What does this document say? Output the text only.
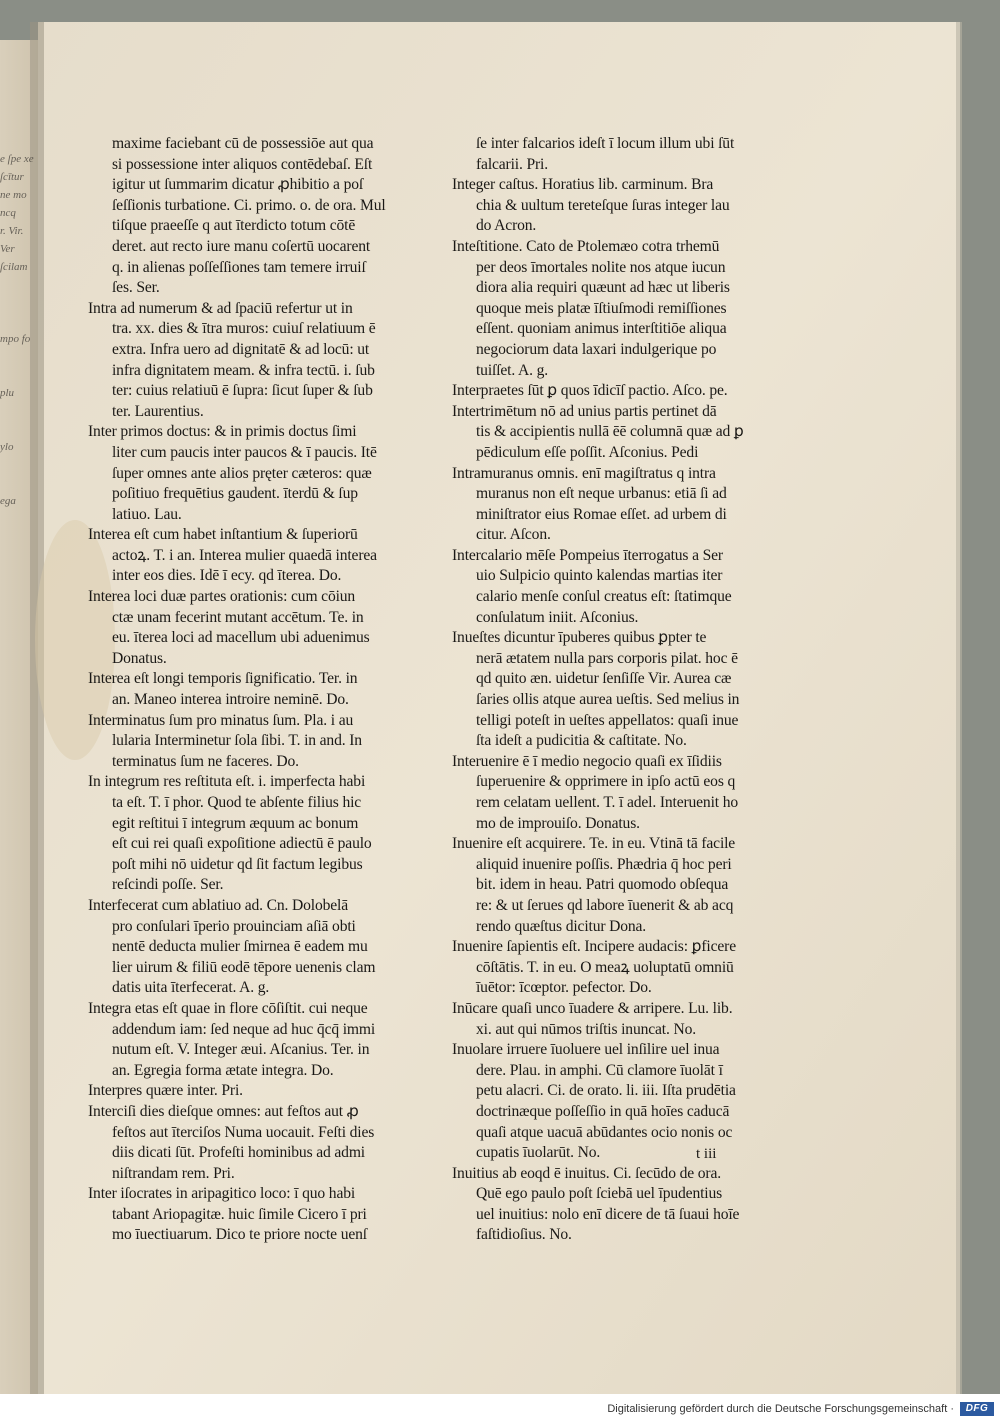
e ſpe xe
ſcītur
ne mo
ncq
r. Vir.
Ver
ſcilam
mpo fo
plu
ylo
ega
maxime faciebant cū de possessiōe aut qua
si possessione inter aliquos contēdebaſ. Eſt
igitur ut ſummarim dicatur ꝓhibitio a poſ
ſeſſionis turbatione. Ci. primo. o. de ora. Mul
tiſque praeeſſe q aut īterdicto totum cōtē
deret. aut recto iure manu coſertū uocarent
q. in alienas poſſeſſiones tam temere irruiſ
ſes. Ser.
Intra ad numerum & ad ſpaciū refertur ut in
tra. xx. dies & ītra muros: cuiuſ relatiuum ē
extra. Infra uero ad dignitatē & ad locū: ut
infra dignitatem meam. & infra tectū. i. ſub
ter: cuius relatiuū ē ſupra: ſicut ſuper & ſub
ter. Laurentius.
Inter primos doctus: & in primis doctus ſimi
liter cum paucis inter paucos & ī paucis. Itē
ſuper omnes ante alios pręter cæteros: quæ
poſitiuo frequētius gaudent. īterdū & ſup
latiuo. Lau.
Interea eſt cum habet inſtantium & ſuperiorū
actoꝝ. T. i an. Interea mulier quaedā interea
inter eos dies. Idē ī ecy. qd īterea. Do.
Interea loci duæ partes orationis: cum cōiun
ctæ unam fecerint mutant accētum. Te. in
eu. īterea loci ad macellum ubi aduenimus
Donatus.
Interea eſt longi temporis ſignificatio. Ter. in
an. Maneo interea introire neminē. Do.
Interminatus ſum pro minatus ſum. Pla. i au
lularia Interminetur ſola ſibi. T. in and. In
terminatus ſum ne faceres. Do.
In integrum res reſtituta eſt. i. imperfecta habi
ta eſt. T. ī phor. Quod te abſente filius hic
egit reſtitui ī integrum æquum ac bonum
eſt cui rei quaſi expoſitione adiectū ē paulo
poſt mihi nō uidetur qd ſit factum legibus
reſcindi poſſe. Ser.
Interfecerat cum ablatiuo ad. Cn. Dolobelā
pro conſulari īperio prouinciam aſiā obti
nentē deducta mulier ſmirnea ē eadem mu
lier uirum & filiū eodē tēpore uenenis clam
datis uita īterfecerat. A. g.
Integra etas eſt quae in flore cōſiſtit. cui neque
addendum iam: ſed neque ad huc q̄cq̄ immi
nutum eſt. V. Integer æui. Aſcanius. Ter. in
an. Egregia forma ætate integra. Do.
Interpres quære inter. Pri.
Interciſi dies dieſque omnes: aut feſtos aut ꝓ
feſtos aut īterciſos Numa uocauit. Feſti dies
diis dicati ſūt. Profeſti hominibus ad admi
niſtrandam rem. Pri.
Inter iſocrates in aripagitico loco: ī quo habi
tabant Ariopagitæ. huic ſimile Cicero ī pri
mo īuectiuarum. Dico te priore nocte uenſ
ſe inter falcarios ideſt ī locum illum ubi ſūt
falcarii. Pri.
Integer caſtus. Horatius lib. carminum. Bra
chia & uultum tereteſque ſuras integer lau
do Acron.
Inteſtitione. Cato de Ptolemæo cotra trhemū
per deos īmortales nolite nos atque iucun
diora alia requiri quæunt ad hæc ut liberis
quoque meis platæ īſtiuſmodi remiſſiones
eſſent. quoniam animus interſtitiōe aliqua
negociorum data laxari indulgerique po
tuiſſet. A. g.
Interpraetes ſūt ꝑ quos īdicīſ pactio. Aſco. pe.
Intertrimētum nō ad unius partis pertinet dā
tis & accipientis nullā ēē columnā quæ ad ꝑ
pēdiculum eſſe poſſit. Aſconius. Pedi
Intramuranus omnis. enī magiſtratus q intra
muranus non eſt neque urbanus: etiā ſi ad
miniſtrator eius Romae eſſet. ad urbem di
citur. Aſcon.
Intercalario mēſe Pompeius īterrogatus a Ser
uio Sulpicio quinto kalendas martias iter
calario menſe conſul creatus eſt: ſtatimque
conſulatum iniit. Aſconius.
Inueſtes dicuntur īpuberes quibus ꝑpter te
nerā ætatem nulla pars corporis pilat. hoc ē
qd quito æn. uidetur ſenſiſſe Vir. Aurea cæ
ſaries ollis atque aurea ueſtis. Sed melius in
telligi poteſt in ueſtes appellatos: quaſi inue
ſta ideſt a pudicitia & caſtitate. No.
Interuenire ē ī medio negocio quaſi ex īſidiis
ſuperuenire & opprimere in ipſo actū eos q
rem celatam uellent. T. ī adel. Interuenit ho
mo de improuiſo. Donatus.
Inuenire eſt acquirere. Te. in eu. Vtinā tā facile
aliquid inuenire poſſis. Phædria q̄ hoc peri
bit. idem in heau. Patri quomodo obſequa
re: & ut ſerues qd labore īuenerit & ab acq
rendo quæſtus dicitur Dona.
Inuenire ſapientis eſt. Incipere audacis: ꝑficere
cōſtātis. T. in eu. O meaꝝ uoluptatū omniū
īuētor: īcœptor. pefector. Do.
Inūcare quaſi unco īuadere & arripere. Lu. lib.
xi. aut qui nūmos triſtis inuncat. No.
Inuolare irruere īuoluere uel inſilire uel inua
dere. Plau. in amphi. Cū clamore īuolāt ī
petu alacri. Ci. de orato. li. iii. Iſta prudētia
doctrinæque poſſeſſio in quā hoīes caducā
quaſi atque uacuā abūdantes ocio nonis oc
cupatis īuolarūt. No.
Inuitius ab eoqd ē inuitus. Ci. ſecūdo de ora.
Quē ego paulo poſt ſciebā uel īpudentius
uel inuitius: nolo enī dicere de tā ſuaui hoīe
faſtidioſius. No.
t iii
Digitalisierung gefördert durch die Deutsche Forschungsgemeinschaft ·	DFG
